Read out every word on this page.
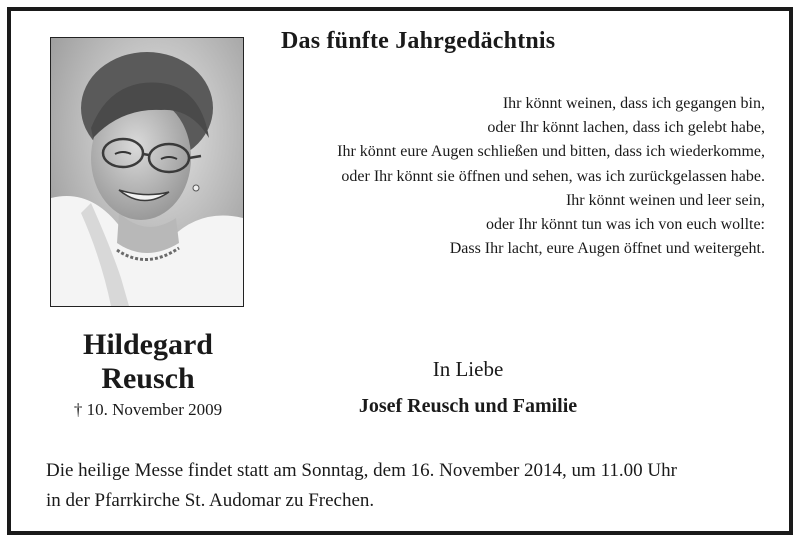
Das fünfte Jahrgedächtnis
Ihr könnt weinen, dass ich gegangen bin,
oder Ihr könnt lachen, dass ich gelebt habe,
Ihr könnt eure Augen schließen und bitten, dass ich wiederkomme,
oder Ihr könnt sie öffnen und sehen, was ich zurückgelassen habe.
Ihr könnt weinen und leer sein,
oder Ihr könnt tun was ich von euch wollte:
Dass Ihr lacht, eure Augen öffnet und weitergeht.
Hildegard
Reusch
† 10. November 2009
In Liebe
Josef Reusch und Familie
Die heilige Messe findet statt am Sonntag, dem 16. November 2014, um 11.00 Uhr
in der Pfarrkirche St. Audomar zu Frechen.
